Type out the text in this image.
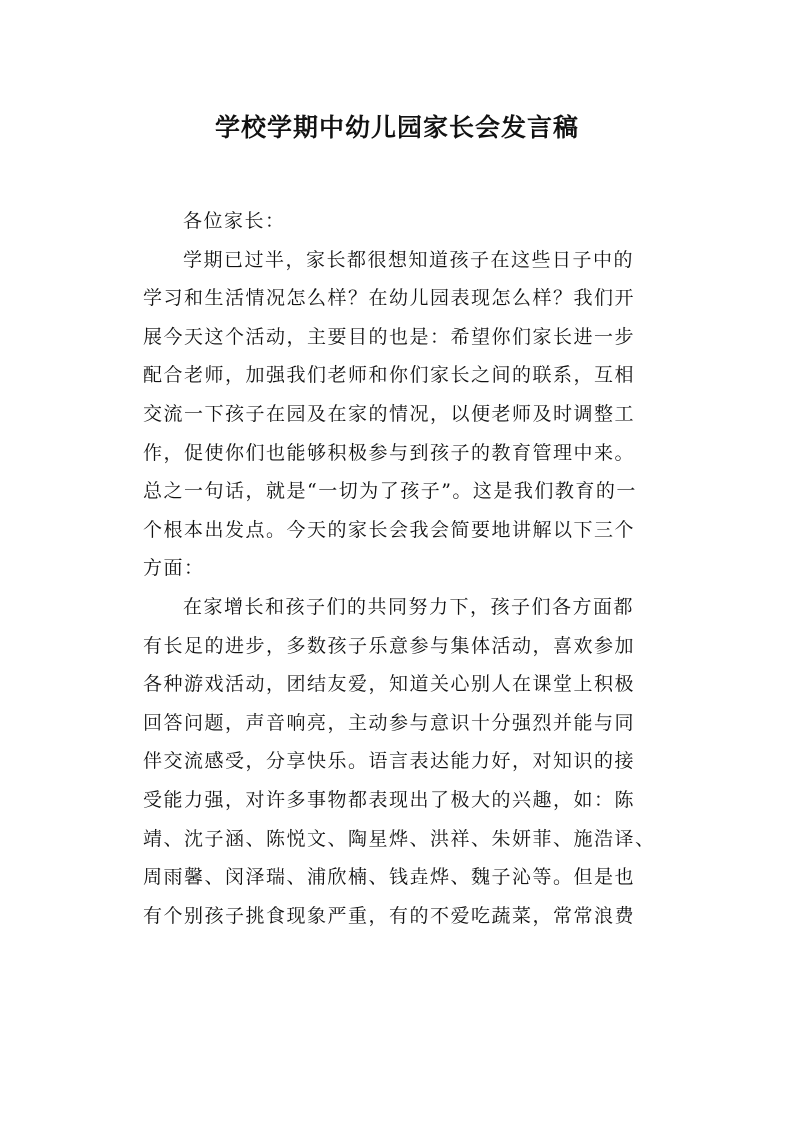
学校学期中幼儿园家长会发言稿
各位家长：
学期已过半，家长都很想知道孩子在这些日子中的
学习和生活情况怎么样？在幼儿园表现怎么样？我们开
展今天这个活动，主要目的也是：希望你们家长进一步
配合老师，加强我们老师和你们家长之间的联系，互相
交流一下孩子在园及在家的情况，以便老师及时调整工
作，促使你们也能够积极参与到孩子的教育管理中来。
总之一句话，就是“一切为了孩子”。这是我们教育的一
个根本出发点。今天的家长会我会简要地讲解以下三个
方面：
在家增长和孩子们的共同努力下，孩子们各方面都
有长足的进步，多数孩子乐意参与集体活动，喜欢参加
各种游戏活动，团结友爱，知道关心别人在课堂上积极
回答问题，声音响亮，主动参与意识十分强烈并能与同
伴交流感受，分享快乐。语言表达能力好，对知识的接
受能力强，对许多事物都表现出了极大的兴趣，如：陈
靖、沈子涵、陈悦文、陶星烨、洪祥、朱妍菲、施浩译、
周雨馨、闵泽瑞、浦欣楠、钱垚烨、魏子沁等。但是也
有个别孩子挑食现象严重，有的不爱吃蔬菜，常常浪费
